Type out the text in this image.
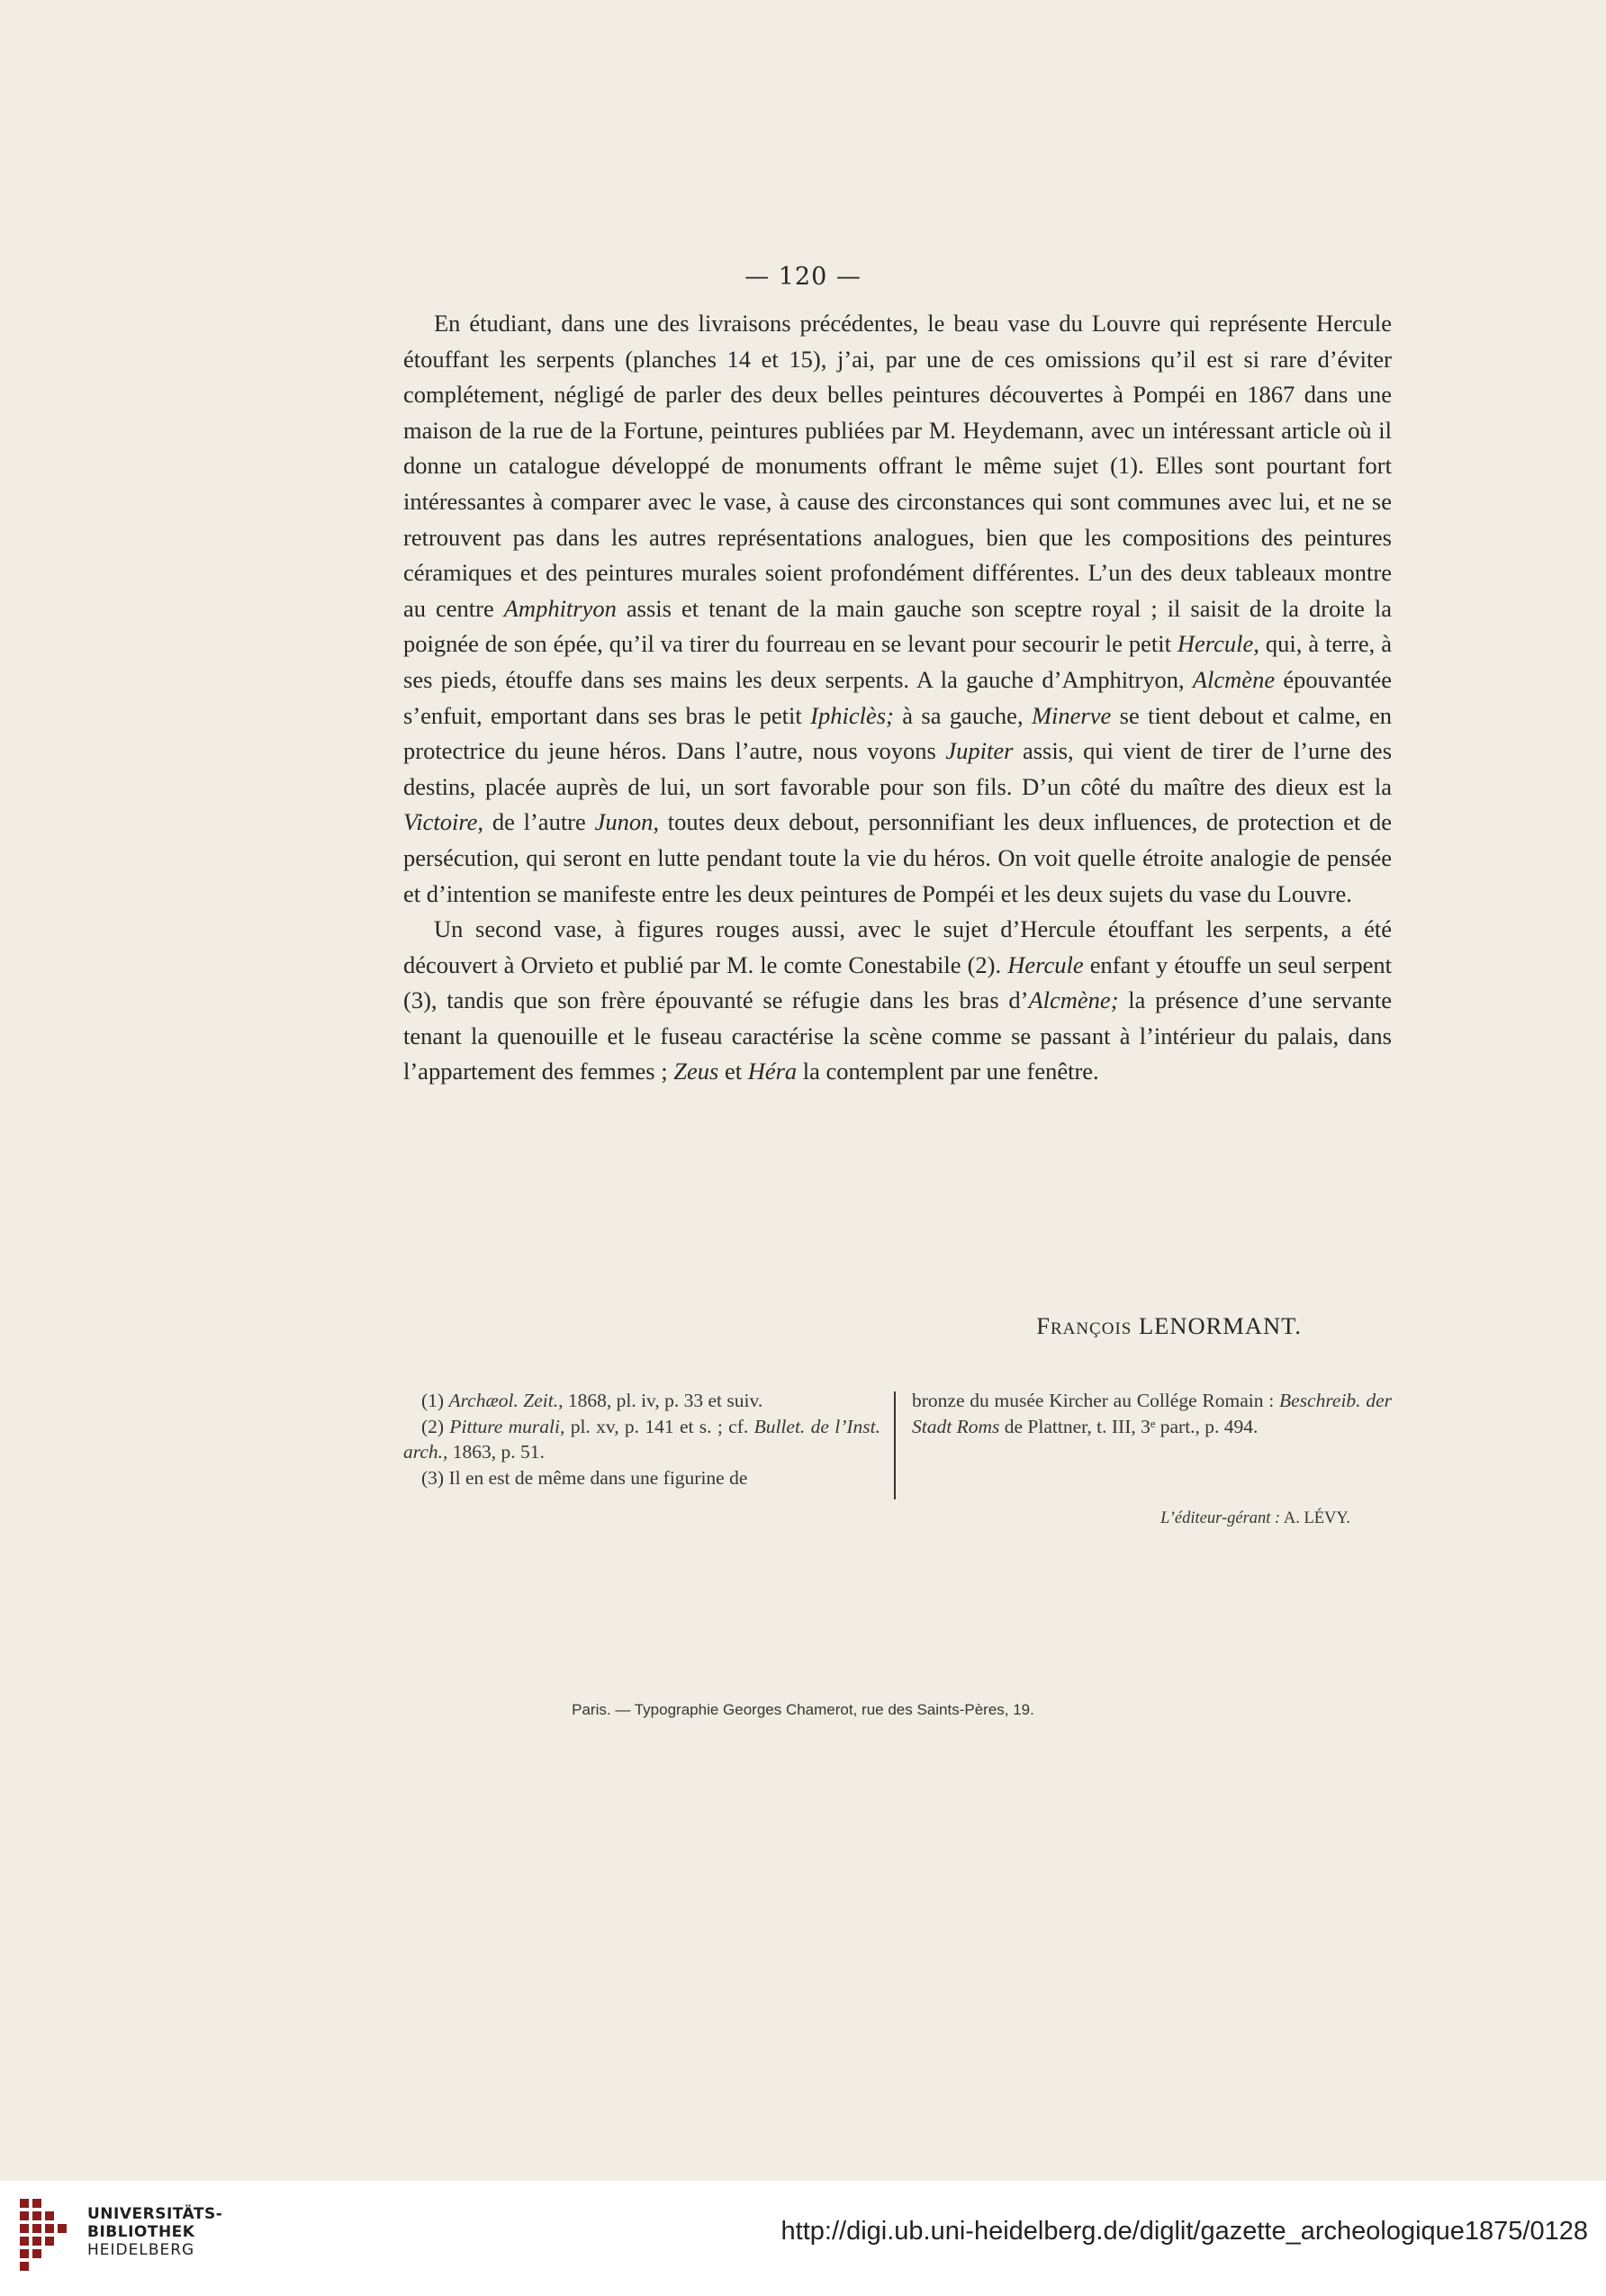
— 120 —

En étudiant, dans une des livraisons précédentes, le beau vase du Louvre qui représente Hercule étouffant les serpents (planches 14 et 15), j’ai, par une de ces omissions qu’il est si rare d’éviter complétement, négligé de parler des deux belles peintures découvertes à Pompéi en 1867 dans une maison de la rue de la Fortune, peintures publiées par M. Heydemann, avec un intéressant article où il donne un catalogue développé de monuments offrant le même sujet (1). Elles sont pourtant fort intéressantes à comparer avec le vase, à cause des circonstances qui sont communes avec lui, et ne se retrouvent pas dans les autres représentations analogues, bien que les compositions des peintures céramiques et des peintures murales soient profondément différentes. L’un des deux tableaux montre au centre Amphitryon assis et tenant de la main gauche son sceptre royal ; il saisit de la droite la poignée de son épée, qu’il va tirer du fourreau en se levant pour secourir le petit Hercule, qui, à terre, à ses pieds, étouffe dans ses mains les deux serpents. A la gauche d’Amphitryon, Alcmène épouvantée s’enfuit, emportant dans ses bras le petit Iphiclès; à sa gauche, Minerve se tient debout et calme, en protectrice du jeune héros. Dans l’autre, nous voyons Jupiter assis, qui vient de tirer de l’urne des destins, placée auprès de lui, un sort favorable pour son fils. D’un côté du maître des dieux est la Victoire, de l’autre Junon, toutes deux debout, personnifiant les deux influences, de protection et de persécution, qui seront en lutte pendant toute la vie du héros. On voit quelle étroite analogie de pensée et d’intention se manifeste entre les deux peintures de Pompéi et les deux sujets du vase du Louvre.

Un second vase, à figures rouges aussi, avec le sujet d’Hercule étouffant les serpents, a été découvert à Orvieto et publié par M. le comte Conestabile (2). Hercule enfant y étouffe un seul serpent (3), tandis que son frère épouvanté se réfugie dans les bras d’Alcmène; la présence d’une servante tenant la quenouille et le fuseau caractérise la scène comme se passant à l’intérieur du palais, dans l’appartement des femmes ; Zeus et Héra la contemplent par une fenêtre.

François LENORMANT.

(1) Archæol. Zeit., 1868, pl. iv, p. 33 et suiv.

(2) Pitture murali, pl. xv, p. 141 et s. ; cf. Bullet. de l’Inst. arch., 1863, p. 51.

(3) Il en est de même dans une figurine de

bronze du musée Kircher au Collége Romain : Beschreib. der Stadt Roms de Plattner, t. III, 3ᵉ part., p. 494.

L’éditeur-gérant : A. LÉVY.
Paris. — Typographie Georges Chamerot, rue des Saints-Pères, 19.
UNIVERSITÄTS-
BIBLIOTHEK
HEIDELBERG
http://digi.ub.uni-heidelberg.de/diglit/gazette_archeologique1875/0128
